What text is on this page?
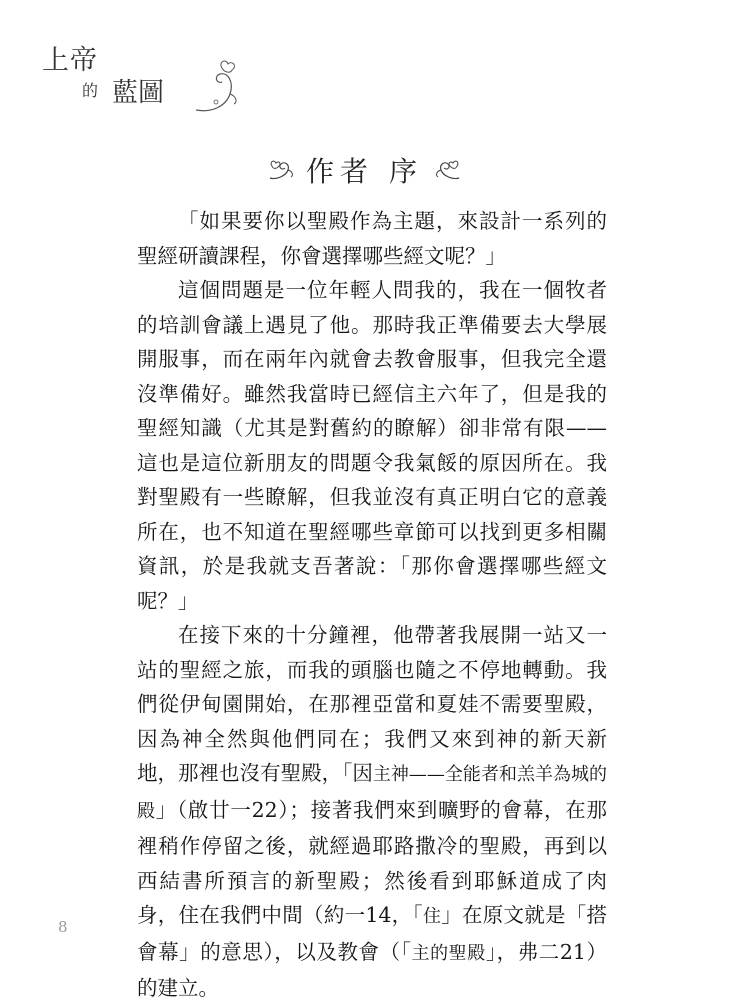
上帝
的 藍圖
作者 序

「如果要你以聖殿作為主題，來設計一系列的聖經研讀課程，你會選擇哪些經文呢？」

這個問題是一位年輕人問我的，我在一個牧者的培訓會議上遇見了他。那時我正準備要去大學展開服事，而在兩年內就會去教會服事，但我完全還沒準備好。雖然我當時已經信主六年了，但是我的聖經知識（尤其是對舊約的瞭解）卻非常有限——這也是這位新朋友的問題令我氣餒的原因所在。我對聖殿有一些瞭解，但我並沒有真正明白它的意義所在，也不知道在聖經哪些章節可以找到更多相關資訊，於是我就支吾著說：「那你會選擇哪些經文呢？」

在接下來的十分鐘裡，他帶著我展開一站又一站的聖經之旅，而我的頭腦也隨之不停地轉動。我們從伊甸園開始，在那裡亞當和夏娃不需要聖殿，因為神全然與他們同在；我們又來到神的新天新地，那裡也沒有聖殿，「因主神——全能者和羔羊為城的殿」（啟廿一22）；接著我們來到曠野的會幕，在那裡稍作停留之後，就經過耶路撒冷的聖殿，再到以西結書所預言的新聖殿；然後看到耶穌道成了肉身，住在我們中間（約一14，「住」在原文就是「搭會幕」的意思），以及教會（「主的聖殿」，弗二21）的建立。

8
